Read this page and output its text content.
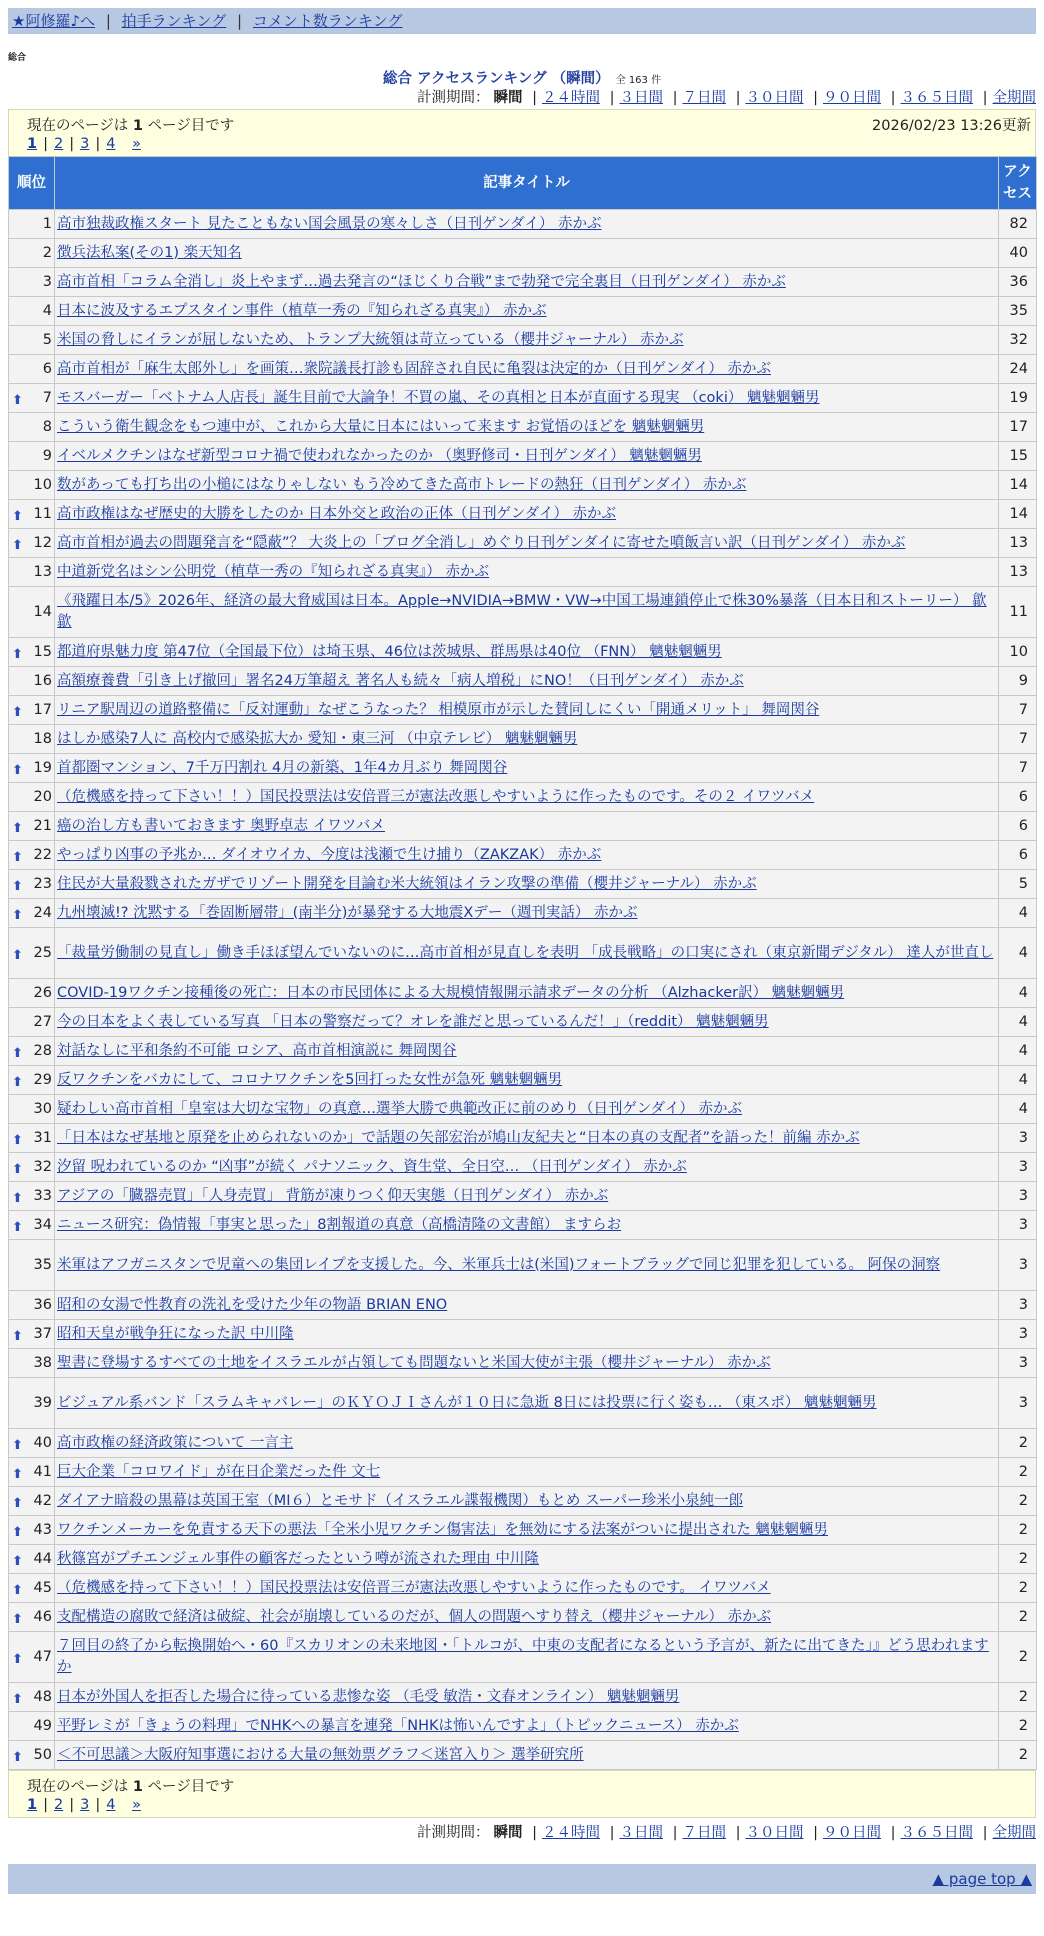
★阿修羅♪へ | 拍手ランキング | コメント数ランキング
総合
総合 アクセスランキング （瞬間） 全 163 件
計測期間： 瞬間 | ２４時間 | ３日間 | ７日間 | ３０日間 | ９０日間 | ３６５日間 | 全期間
現在のページは 1 ページ目です	2026/02/23 13:26更新
1 | 2 | 3 | 4 »
順位	記事タイトル	アクセス
1	高市独裁政権スタート 見たこともない国会風景の寒々しさ（日刊ゲンダイ） 赤かぶ	82
2	徴兵法私案(その1) 楽天知名	40
3	高市首相「コラム全消し」炎上やまず…過去発言の“ほじくり合戦”まで勃発で完全裏目（日刊ゲンダイ） 赤かぶ	36
4	日本に波及するエプスタイン事件（植草一秀の『知られざる真実』） 赤かぶ	35
5	米国の脅しにイランが屈しないため、トランプ大統領は苛立っている（櫻井ジャーナル） 赤かぶ	32
6	高市首相が「麻生太郎外し」を画策…衆院議長打診も固辞され自民に亀裂は決定的か（日刊ゲンダイ） 赤かぶ	24

⬆ 7	モスバーガー「ベトナム人店長」誕生目前で大論争！不買の嵐、その真相と日本が直面する現実 （coki） 魑魅魍魎男	19
8	こういう衛生観念をもつ連中が、これから大量に日本にはいって来ます お覚悟のほどを 魑魅魍魎男	17
9	イベルメクチンはなぜ新型コロナ禍で使われなかったのか （奥野修司・日刊ゲンダイ） 魑魅魍魎男	15
10	数があっても打ち出の小槌にはなりゃしない もう冷めてきた高市トレードの熱狂（日刊ゲンダイ） 赤かぶ	14

⬆ 11	高市政権はなぜ歴史的大勝をしたのか 日本外交と政治の正体（日刊ゲンダイ） 赤かぶ	14

⬆ 12	高市首相が過去の問題発言を“隠蔽”？ 大炎上の「ブログ全消し」めぐり日刊ゲンダイに寄せた噴飯言い訳（日刊ゲンダイ） 赤かぶ	13
13	中道新党名はシン公明党（植草一秀の『知られざる真実』） 赤かぶ	13
14	《飛躍日本/5》2026年、経済の最大脅威国は日本。Apple→NVIDIA→BMW・VW→中国工場連鎖停止で株30%暴落（日本日和ストーリー） 歙歙	11

⬆ 15	都道府県魅力度 第47位（全国最下位）は埼玉県、46位は茨城県、群馬県は40位 （FNN） 魑魅魍魎男	10
16	高額療養費「引き上げ撤回」署名24万筆超え 著名人も続々「病人増税」にNO！（日刊ゲンダイ） 赤かぶ	9

⬆ 17	リニア駅周辺の道路整備に「反対運動」なぜこうなった？ 相模原市が示した賛同しにくい「開通メリット」 舞岡関谷	7
18	はしか感染7人に 高校内で感染拡大か 愛知・東三河 （中京テレビ） 魑魅魍魎男	7

⬆ 19	首都圏マンション、7千万円割れ 4月の新築、1年4カ月ぶり 舞岡関谷	7
20	（危機感を持って下さい！！）国民投票法は安倍晋三が憲法改悪しやすいように作ったものです。その２ イワツバメ	6

⬆ 21	癌の治し方も書いておきます 奥野卓志 イワツバメ	6

⬆ 22	やっぱり凶事の予兆か… ダイオウイカ、今度は浅瀬で生け捕り（ZAKZAK） 赤かぶ	6

⬆ 23	住民が大量殺戮されたガザでリゾート開発を目論む米大統領はイラン攻撃の準備（櫻井ジャーナル） 赤かぶ	5

⬆ 24	九州壊滅!? 沈黙する「巻固断層帯」(南半分)が暴発する大地震Xデー（週刊実話） 赤かぶ	4

⬆ 25	「裁量労働制の見直し」働き手ほぼ望んでいないのに…高市首相が見直しを表明 「成長戦略」の口実にされ（東京新聞デジタル） 達人が世直し	4
26	COVID-19ワクチン接種後の死亡：日本の市民団体による大規模情報開示請求データの分析 （Alzhacker訳） 魑魅魍魎男	4
27	今の日本をよく表している写真 「日本の警察だって？オレを誰だと思っているんだ！」（reddit） 魑魅魍魎男	4

⬆ 28	対話なしに平和条約不可能 ロシア、高市首相演説に 舞岡関谷	4

⬆ 29	反ワクチンをバカにして、コロナワクチンを5回打った女性が急死 魑魅魍魎男	4
30	疑わしい高市首相「皇室は大切な宝物」の真意…選挙大勝で典範改正に前のめり（日刊ゲンダイ） 赤かぶ	4

⬆ 31	「日本はなぜ基地と原発を止められないのか」で話題の矢部宏治が鳩山友紀夫と“日本の真の支配者”を語った！前編 赤かぶ	3

⬆ 32	汐留 呪われているのか “凶事”が続く パナソニック、資生堂、全日空… （日刊ゲンダイ） 赤かぶ	3

⬆ 33	アジアの「臓器売買」「人身売買」 背筋が凍りつく仰天実態（日刊ゲンダイ） 赤かぶ	3

⬆ 34	ニュース研究：偽情報「事実と思った」8割報道の真意（高橋清隆の文書館） ますらお	3
35	米軍はアフガニスタンで児童への集団レイプを支援した。今、米軍兵士は(米国)フォートブラッグで同じ犯罪を犯している。 阿保の洞察	3
36	昭和の女湯で性教育の洗礼を受けた少年の物語 BRIAN ENO	3

⬆ 37	昭和天皇が戦争狂になった訳 中川隆	3
38	聖書に登場するすべての土地をイスラエルが占領しても問題ないと米国大使が主張（櫻井ジャーナル） 赤かぶ	3
39	ビジュアル系バンド「スラムキャバレー」のＫＹＯＪＩさんが１０日に急逝 8日には投票に行く姿も… （東スポ） 魑魅魍魎男	3

⬆ 40	高市政権の経済政策について 一言主	2

⬆ 41	巨大企業「コロワイド」が在日企業だった件 文七	2

⬆ 42	ダイアナ暗殺の黒幕は英国王室（MI６）とモサド（イスラエル諜報機関）もとめ スーパー珍米小泉純一郎	2

⬆ 43	ワクチンメーカーを免責する天下の悪法「全米小児ワクチン傷害法」を無効にする法案がついに提出された 魑魅魍魎男	2

⬆ 44	秋篠宮がプチエンジェル事件の顧客だったという噂が流された理由 中川隆	2

⬆ 45	（危機感を持って下さい！！）国民投票法は安倍晋三が憲法改悪しやすいように作ったものです。 イワツバメ	2

⬆ 46	支配構造の腐敗で経済は破綻、社会が崩壊しているのだが、個人の問題へすり替え（櫻井ジャーナル） 赤かぶ	2

⬆ 47	７回目の終了から転換開始へ・60『スカリオンの未来地図・「トルコが、中東の支配者になるという予言が、新たに出てきた」』どう思われますか	2

⬆ 48	日本が外国人を拒否した場合に待っている悲惨な姿 （毛受 敏浩・文春オンライン） 魑魅魍魎男	2
49	平野レミが「きょうの料理」でNHKへの暴言を連発「NHKは怖いんですよ」（トピックニュース） 赤かぶ	2

⬆ 50	＜不可思議＞大阪府知事選における大量の無効票グラフ＜迷宮入り＞ 選挙研究所	2
現在のページは 1 ページ目です
1 | 2 | 3 | 4 »
計測期間： 瞬間 | ２４時間 | ３日間 | ７日間 | ３０日間 | ９０日間 | ３６５日間 | 全期間
▲ page top ▲
